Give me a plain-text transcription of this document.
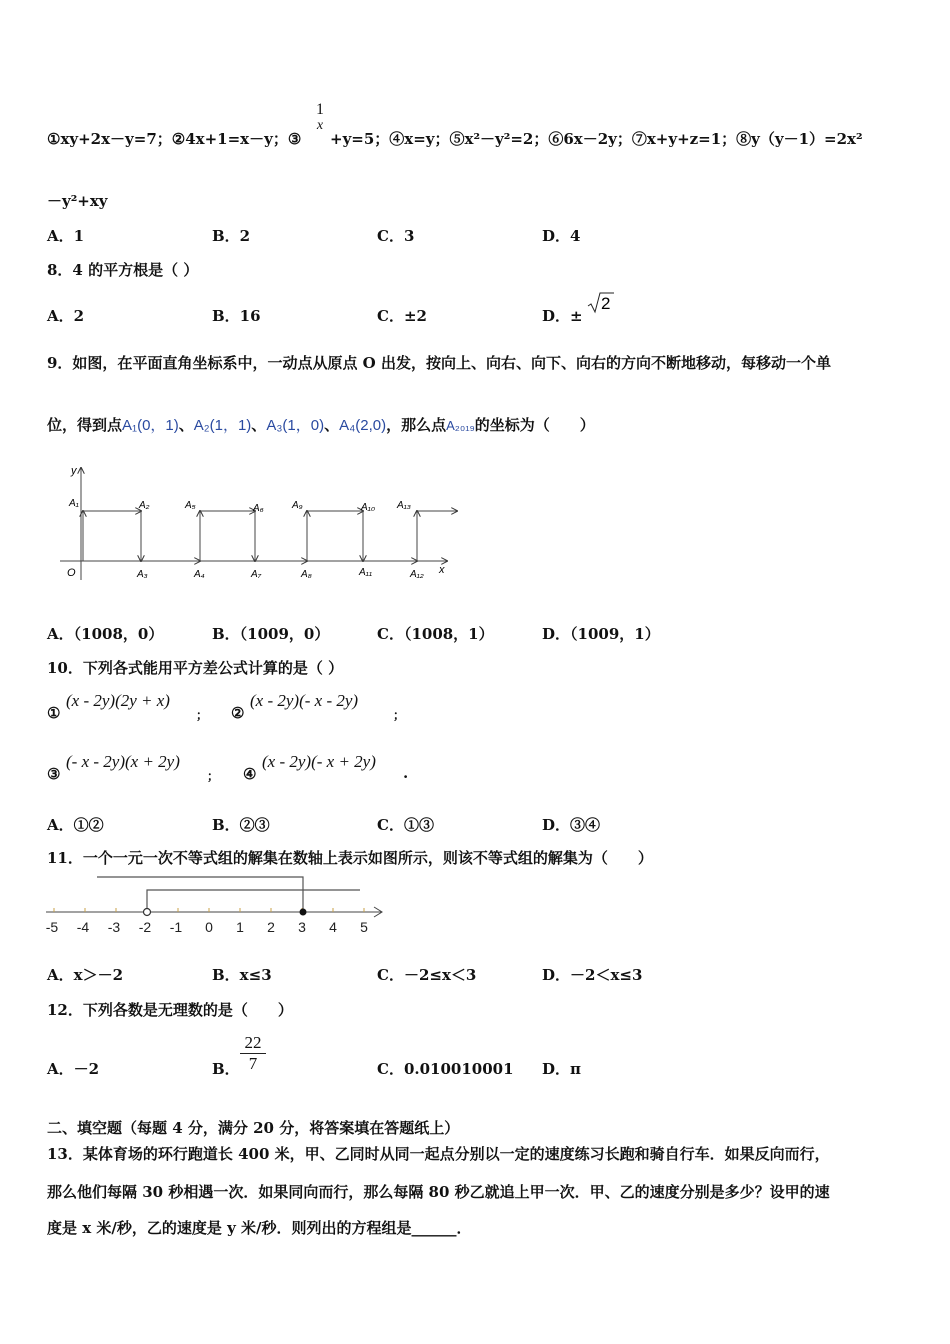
①xy+2x－y=7；②4x+1=x－y；③
1
x
+y=5；④x=y；⑤x²－y²=2；⑥6x－2y；⑦x+y+z=1；⑧y（y－1）=2x²
－y²+xy
A．1	B．2	C．3	D．4
8．4 的平方根是（ ）
A．2	B．16	C．±2	D．±
2
9．如图，在平面直角坐标系中，一动点从原点 O 出发，按向上、向右、向下、向右的方向不断地移动，每移动一个单
位，得到点A₁(0，1)、A₂(1，1)、A₃(1，0)、A₄(2,0)，那么点A₂₀₁₉的坐标为（　　）
x
y
O
A₁	A₂	A₅	A₆	A₉	A₁₀ A₁₃
A₃	A₄	A₇	A₈	A₁₁	A₁₂
A．（1008，0）	B．（1009，0）	C．（1008，1）	D．（1009，1）
10．下列各式能用平方差公式计算的是（ ）
①
(x - 2y)(2y + x)
； ②
(x - 2y)(- x - 2y)
；
③
(- x - 2y)(x + 2y)
； ④
(x - 2y)(- x + 2y)
.
A．①②	B．②③	C．①③	D．③④
11．一个一元一次不等式组的解集在数轴上表示如图所示，则该不等式组的解集为（　　）
-5 -4 -3 -2 -1 0 1 2 3 4 5
A．x＞－2	B．x≤3	C．－2≤x＜3	D．－2＜x≤3
12．下列各数是无理数的是（　　）
A．－2	B． $\frac{22}{7}$	C．0.010010001 D．π
二、填空题（每题 4 分，满分 20 分，将答案填在答题纸上）
13．某体育场的环行跑道长 400 米，甲、乙同时从同一起点分别以一定的速度练习长跑和骑自行车．如果反向而行，
那么他们每隔 30 秒相遇一次．如果同向而行，那么每隔 80 秒乙就追上甲一次．甲、乙的速度分别是多少？设甲的速
度是 x 米/秒，乙的速度是 y 米/秒．则列出的方程组是______．
